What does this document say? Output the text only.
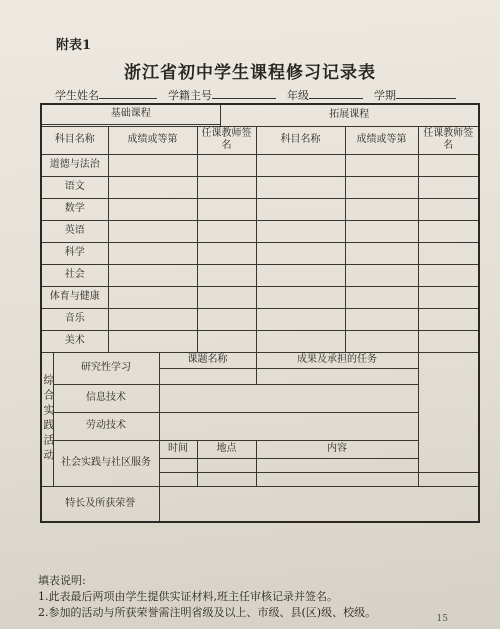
附表1
浙江省初中学生课程修习记录表
学生姓名	学籍主号	年级	学期
基础课程					拓展课程			

科目名称		成绩或等第		任课教师签名		科目名称	成绩或等第	任课教师签名
道德与法治								
语文								
数学								
英语								
科学								
社会								
体育与健康								
音乐								
美术								

综合实践活动	研究性学习		课题名称			成果及承担的任务		

	信息技术							
	劳动技术							
	社会实践与社区服务		时间	地点		内容		

特长及所获荣誉								
填表说明:
1.此表最后两项由学生提供实证材料,班主任审核记录并签名。
2.参加的活动与所获荣誉需注明省级及以上、市级、县(区)级、校级。	15
